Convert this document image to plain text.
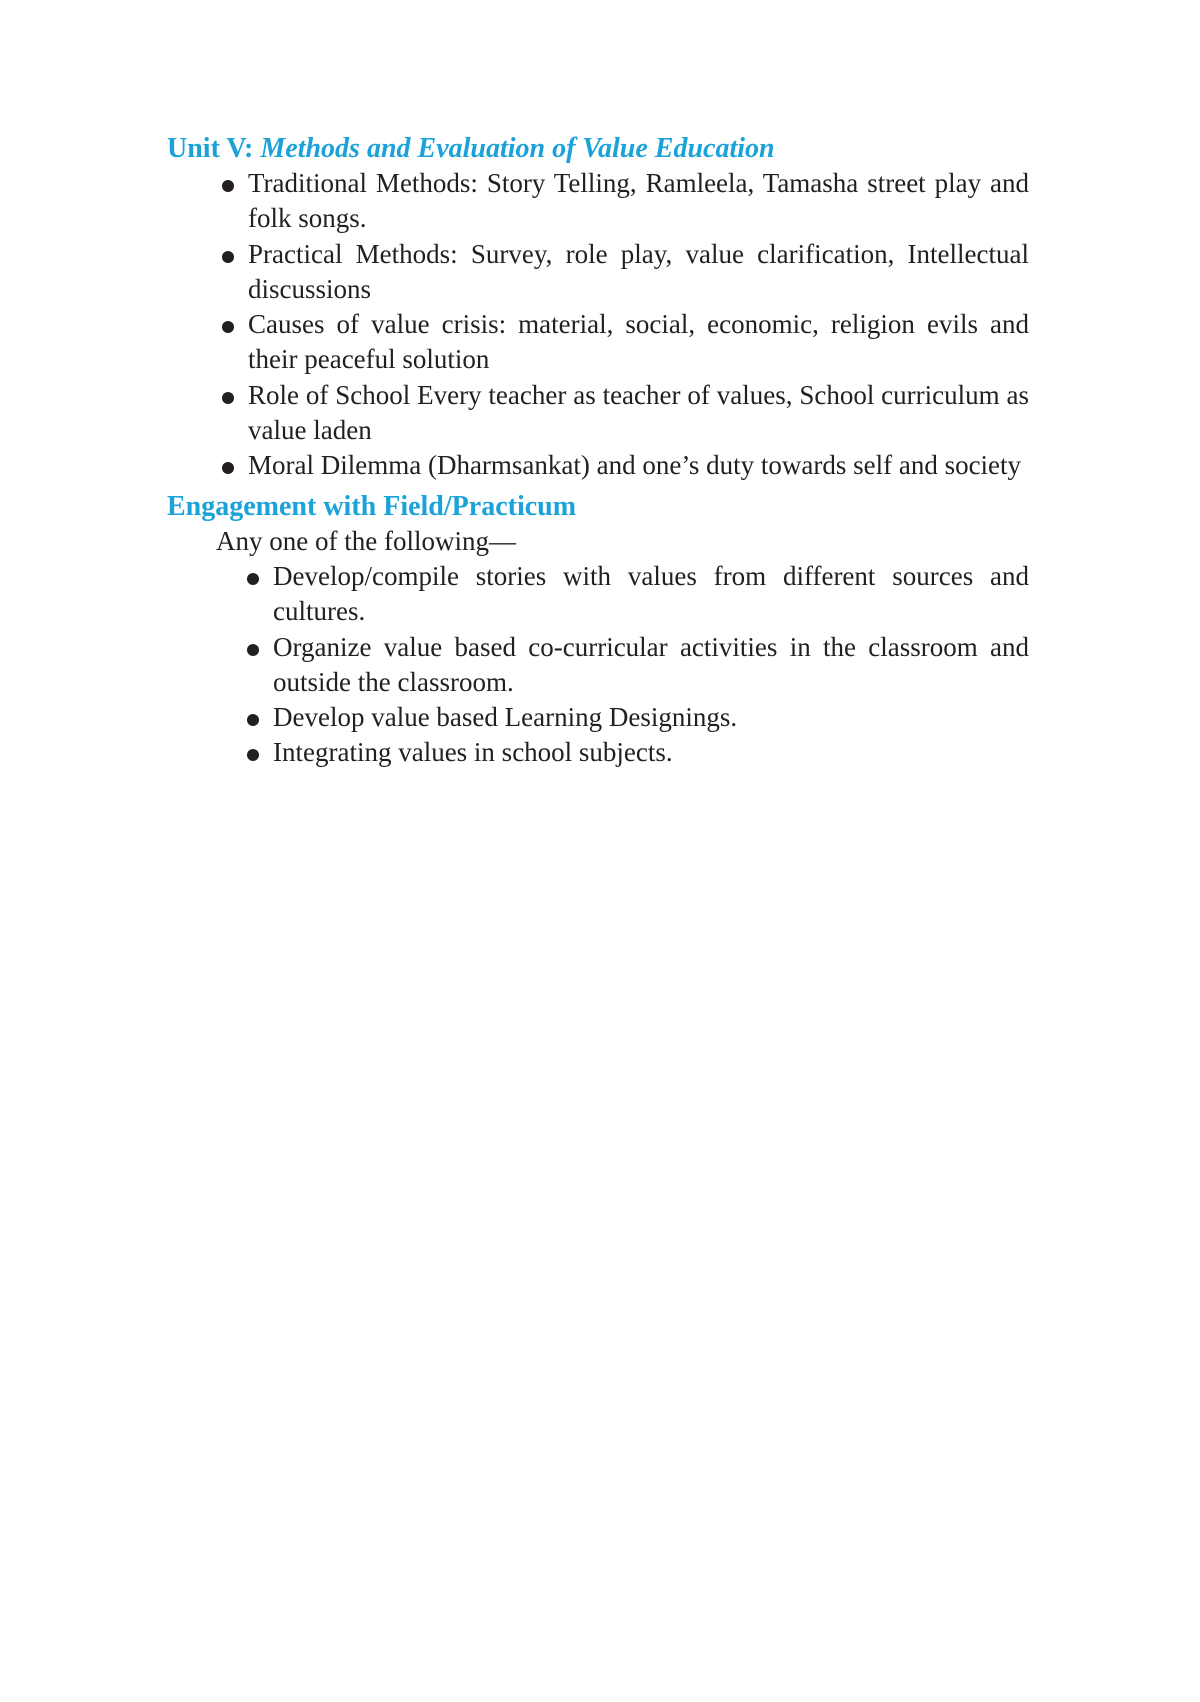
Unit V: Methods and Evaluation of Value Education
Traditional Methods: Story Telling, Ramleela, Tamasha street play and folk songs.
Practical Methods: Survey, role play, value clarification, Intellectual discussions
Causes of value crisis: material, social, economic, religion evils and their peaceful solution
Role of School Every teacher as teacher of values, School curriculum as value laden
Moral Dilemma (Dharmsankat) and one’s duty towards self and society
Engagement with Field/Practicum

Any one of the following—

Develop/compile stories with values from different sources and cultures.
Organize value based co-curricular activities in the classroom and outside the classroom.
Develop value based Learning Designings.
Integrating values in school subjects.
